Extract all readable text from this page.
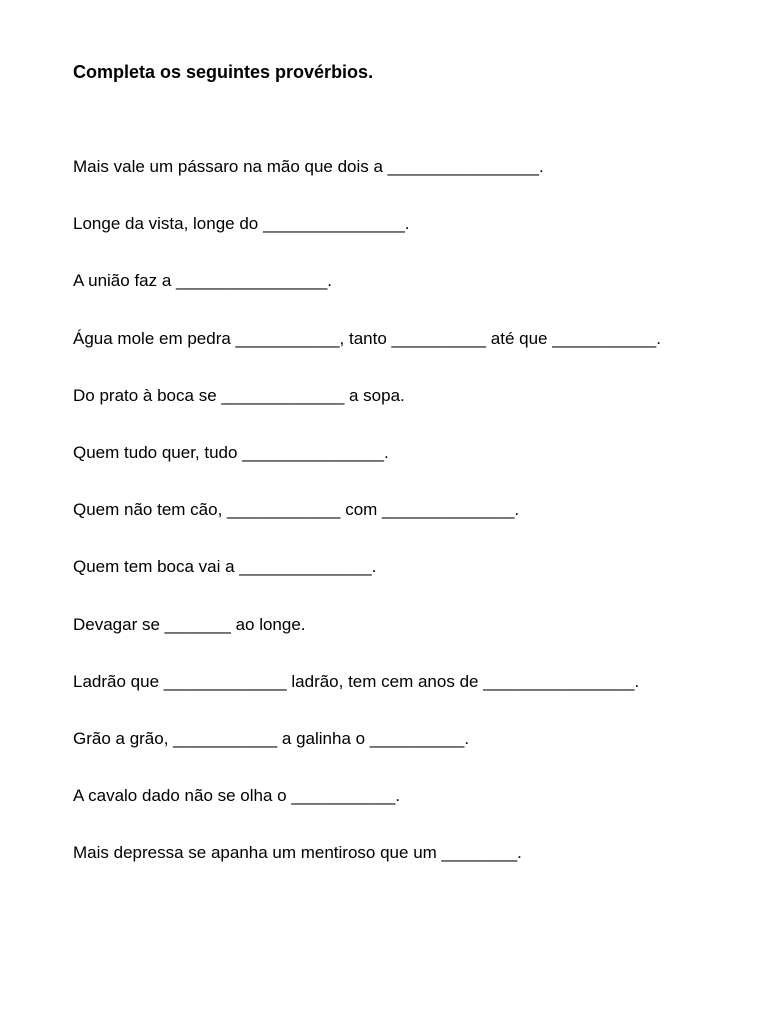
Completa os seguintes provérbios.
Mais vale um pássaro na mão que dois a ________________.
Longe da vista, longe do _______________.
A união faz a ________________.
Água mole em pedra ___________, tanto __________ até que ___________.
Do prato à boca se _____________ a sopa.
Quem tudo quer, tudo _______________.
Quem não tem cão, ____________ com ______________.
Quem tem boca vai a ______________.
Devagar se _______ ao longe.
Ladrão que _____________ ladrão, tem cem anos de ________________.
Grão a grão, ___________ a galinha o __________.
A cavalo dado não se olha o ___________.
Mais depressa se apanha um mentiroso que um ________.
